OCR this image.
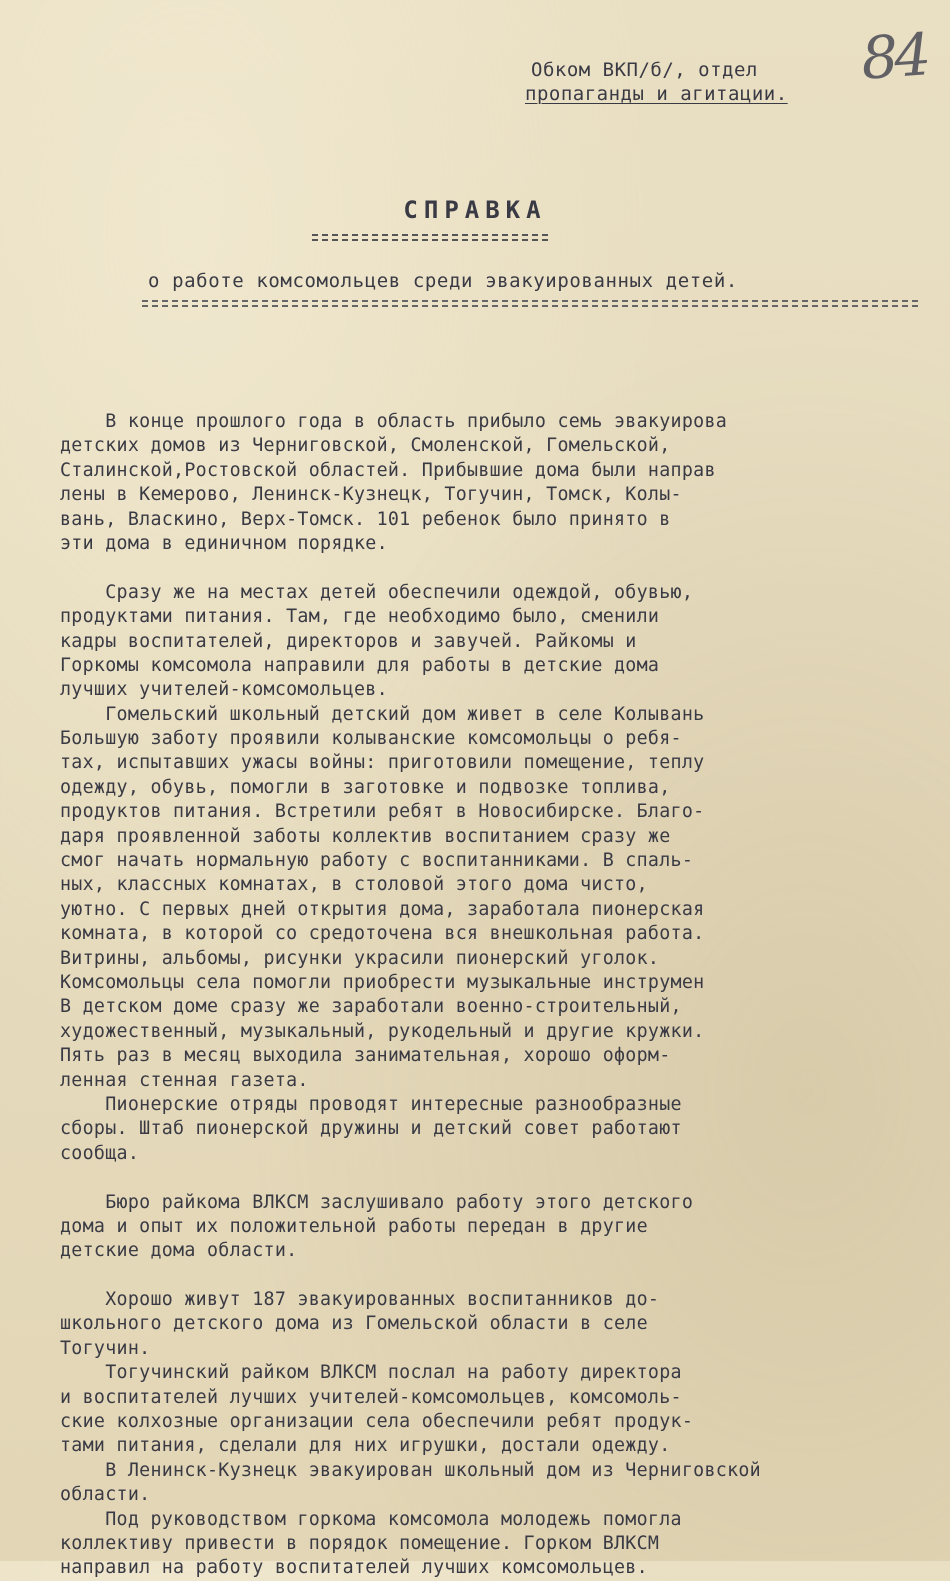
84
Обком ВКП/б/, отдел
пропаганды и агитации.
СПРАВКА
о работе комсомольцев среди эвакуированных детей.
В конце прошлого года в область прибыло семь эвакуирова
детских домов из Черниговской, Смоленской, Гомельской,
Сталинской,Ростовской областей. Прибывшие дома были направ
лены в Кемерово, Ленинск-Кузнецк, Тогучин, Томск, Колы-
вань, Власкино, Верх-Томск. 101 ребенок было принято в
эти дома в единичном порядке.
Сразу же на местах детей обеспечили одеждой, обувью,
продуктами питания. Там, где необходимо было, сменили
кадры воспитателей, директоров и завучей. Райкомы и
Горкомы комсомола направили для работы в детские дома
лучших учителей-комсомольцев.
Гомельский школьный детский дом живет в селе Колывань
Большую заботу проявили колыванские комсомольцы о ребя-
тах, испытавших ужасы войны: приготовили помещение, теплу
одежду, обувь, помогли в заготовке и подвозке топлива,
продуктов питания. Встретили ребят в Новосибирске. Благо-
даря проявленной заботы коллектив воспитанием сразу же
смог начать нормальную работу с воспитанниками. В спаль-
ных, классных комнатах, в столовой этого дома чисто,
уютно. С первых дней открытия дома, заработала пионерская
комната, в которой со средоточена вся внешкольная работа.
Витрины, альбомы, рисунки украсили пионерский уголок.
Комсомольцы села помогли приобрести музыкальные инструмен
В детском доме сразу же заработали военно-строительный,
художественный, музыкальный, рукодельный и другие кружки.
Пять раз в месяц выходила занимательная, хорошо оформ-
ленная стенная газета.
Пионерские отряды проводят интересные разнообразные
сборы. Штаб пионерской дружины и детский совет работают
сообща.
Бюро райкома ВЛКСМ заслушивало работу этого детского
дома и опыт их положительной работы передан в другие
детские дома области.
Хорошо живут 187 эвакуированных воспитанников до-
школьного детского дома из Гомельской области в селе
Тогучин.
Тогучинский райком ВЛКСМ послал на работу директора
и воспитателей лучших учителей-комсомольцев, комсомоль-
ские колхозные организации села обеспечили ребят продук-
тами питания, сделали для них игрушки, достали одежду.
В Ленинск-Кузнецк эвакуирован школьный дом из Черниговской
области.
Под руководством горкома комсомола молодежь помогла
коллективу привести в порядок помещение. Горком ВЛКСМ
направил на работу воспитателей лучших комсомольцев.
